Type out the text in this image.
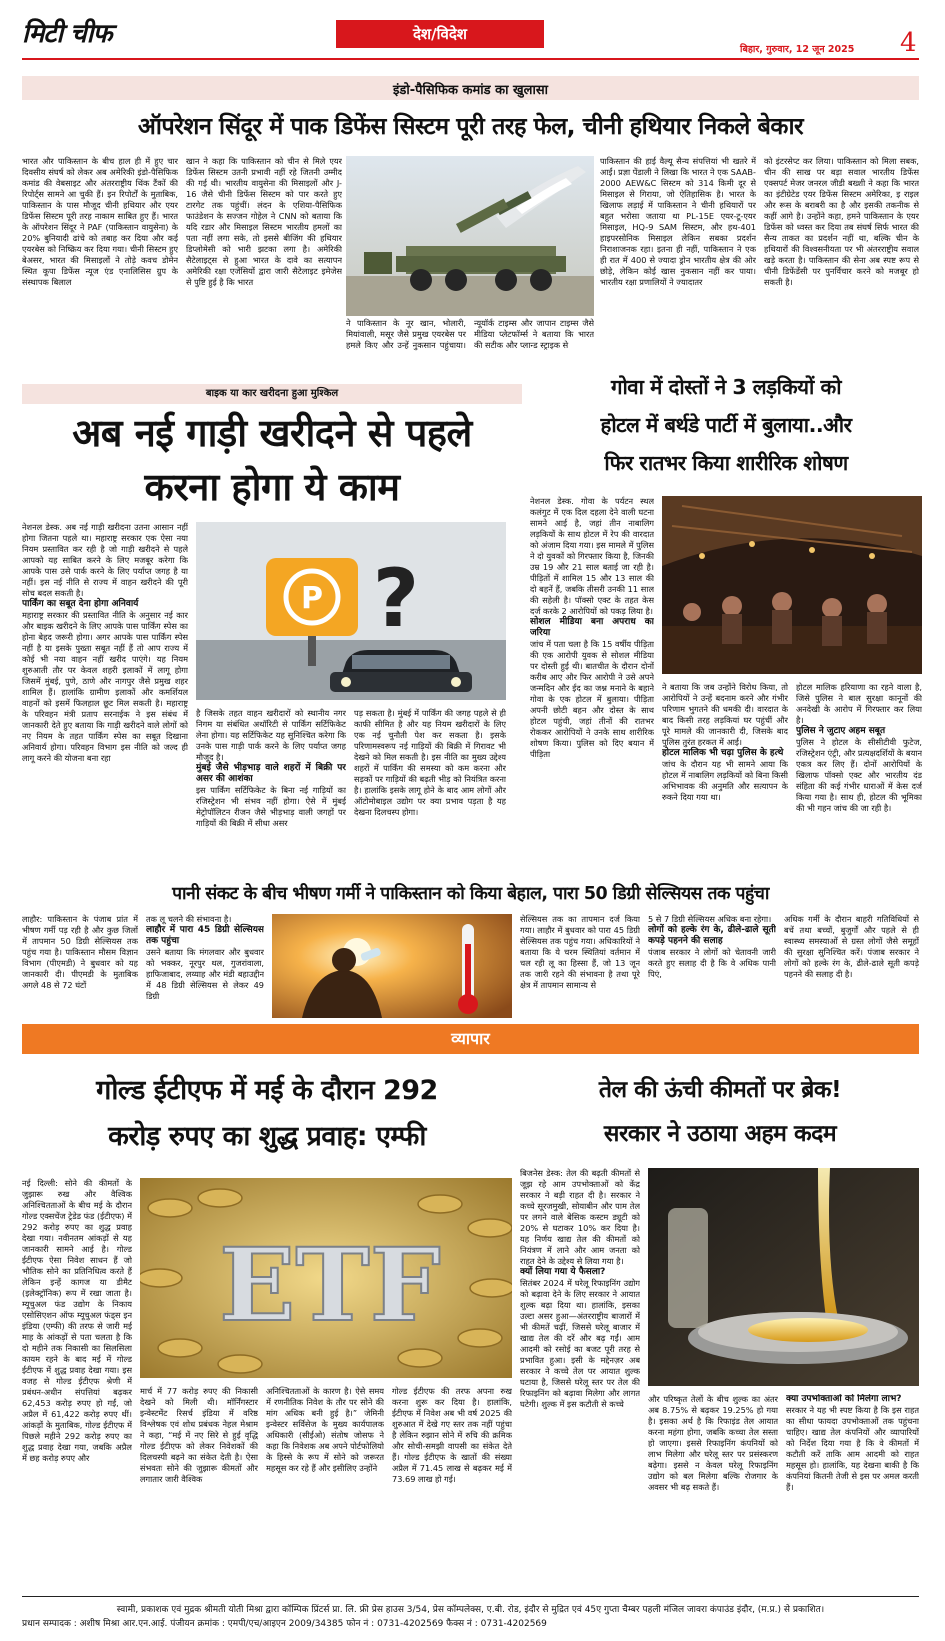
मिटी चीफ	देश/विदेश
बिहार, गुरुवार, 12 जून 2025 4
इंडो-पैसिफिक कमांड का खुलासा
ऑपरेशन सिंदूर में पाक डिफेंस सिस्टम पूरी तरह फेल, चीनी हथियार निकले बेकार
भारत और पाकिस्तान के बीच हाल ही में हुए चार दिवसीय संघर्ष को लेकर अब अमेरिकी इंडो-पैसिफिक कमांड की वेबसाइट और अंतरराष्ट्रीय थिंक टैंकों की रिपोर्ट्स सामने आ चुकी हैं। इन रिपोर्टों के मुताबिक, पाकिस्तान के पास मौजूद चीनी हथियार और एयर डिफेंस सिस्टम पूरी तरह नाकाम साबित हुए हैं। भारत के ऑपरेशन सिंदूर ने PAF (पाकिस्तान वायुसेना) के 20% बुनियादी ढांचे को तबाह कर दिया और कई एयरबेस को निष्क्रिय कर दिया गया। चीनी सिस्टम हुए बेअसर, भारत की मिसाइलों ने तोड़े कवच डोमेन स्थित कूपा डिफेंस न्यूज एंड एनालिसिस ग्रुप के संस्थापक बिलाल
खान ने कहा कि पाकिस्तान को चीन से मिले एयर डिफेंस सिस्टम उतनी प्रभावी नहीं रहे जितनी उम्मीद की गई थी। भारतीय वायुसेना की मिसाइलों और J-16 जैसे चीनी डिफेंस सिस्टम को पार करते हुए टारगेट तक पहुंचीं। लंदन के एशिया-पैसिफिक फाउंडेशन के सज्जन गोहेल ने CNN को बताया कि यदि रडार और मिसाइल सिस्टम भारतीय हमलों का पता नहीं लगा सके, तो इससे बीजिंग की हथियार डिप्लोमेसी को भारी झटका लगा है। अमेरिकी सैटेलाइट्स से हुआ भारत के दावे का सत्यापन अमेरिकी रक्षा एजेंसियों द्वारा जारी सैटेलाइट इमेजेस से पुष्टि हुई है कि भारत
ने पाकिस्तान के नूर खान, भोलारी, मियांवाली, मसूर जैसे प्रमुख एयरबेस पर हमले किए और उन्हें नुकसान पहुंचाया। न्यूयॉर्क टाइम्स और जापान टाइम्स जैसे मीडिया प्लेटफॉर्म्स ने बताया कि भारत की सटीक और प्लान्ड स्ट्राइक से
पाकिस्तान की हाई वैल्यू सैन्य संपत्तियां भी खतरे में आईं। प्रज्ञा पेंडाली ने लिखा कि भारत ने एक SAAB-2000 AEW&C सिस्टम को 314 किमी दूर से मिसाइल से गिराया, जो ऐतिहासिक है। भारत के खिलाफ लड़ाई में पाकिस्तान ने चीनी हथियारों पर बहुत भरोसा जताया था PL-15E एयर-टू-एयर मिसाइल, HQ-9 SAM सिस्टम, और हथ-401 हाइपरसोनिक मिसाइल लेकिन सबका प्रदर्शन निराशाजनक रहा। इतना ही नहीं, पाकिस्तान ने एक ही रात में 400 से ज्यादा ड्रोन भारतीय क्षेत्र की ओर छोड़े, लेकिन कोई खास नुकसान नहीं कर पाया। भारतीय रक्षा प्रणालियों ने ज्यादातर
को इंटरसेप्ट कर लिया। पाकिस्तान को मिला सबक, चीन की साख पर बड़ा सवाल भारतीय डिफेंस एक्सपर्ट मेजर जनरल जीडी बख्शी ने कहा कि भारत का इंटीग्रेटेड एयर डिफेंस सिस्टम अमेरिका, इ राइल और रूस के बराबरी का है और इसकी तकनीक से कहीं आगे है। उन्होंने कहा, हमने पाकिस्तान के एयर डिफेंस को ध्वस्त कर दिया तब संघर्ष सिर्फ भारत की सैन्य ताकत का प्रदर्शन नहीं था, बल्कि चीन के हथियारों की विश्वसनीयता पर भी अंतरराष्ट्रीय सवाल खड़े करता है। पाकिस्तान की सेना अब स्पष्ट रूप से चीनी डिफेंडेंसी पर पुनर्विचार करने को मजबूर हो सकती है।
बाइक या कार खरीदना हुआ मुश्किल
अब नई गाड़ी खरीदने से पहले
करना होगा ये काम

नेशनल डेस्क. अब नई गाड़ी खरीदना उतना आसान नहीं होगा जितना पहले था। महाराष्ट्र सरकार एक ऐसा नया नियम प्रस्तावित कर रही है जो गाड़ी खरीदने से पहले आपको यह साबित करने के लिए मजबूर करेगा कि आपके पास उसे पार्क करने के लिए पर्याप्त जगह है या नहीं। इस नई नीति से राज्य में वाहन खरीदने की पूरी सोच बदल सकती है।

पार्किंग का सबूत देना होगा अनिवार्य

महाराष्ट्र सरकार की प्रस्तावित नीति के अनुसार नई कार और बाइक खरीदने के लिए आपके पास पार्किंग स्पेस का होना बेहद जरूरी होगा। अगर आपके पास पार्किंग स्पेस नहीं है या इसके पुख्ता सबूत नहीं हैं तो आप राज्य में कोई भी नया वाहन नहीं खरीद पाएंगे। यह नियम शुरुआती तौर पर केवल शहरी इलाकों में लागू होगा जिसमें मुंबई, पुणे, ठाणे और नागपुर जैसे प्रमुख शहर शामिल हैं। हालांकि ग्रामीण इलाकों और कमर्शियल वाहनों को इसमें फिलहाल छूट मिल सकती है। महाराष्ट्र के परिवहन मंत्री प्रताप सरनाईक ने इस संबंध में जानकारी देते हुए बताया कि गाड़ी खरीदने वाले लोगों को नए नियम के तहत पार्किंग स्पेस का सबूत दिखाना अनिवार्य होगा। परिवहन विभाग इस नीति को जल्द ही लागू करने की योजना बना रहा

P ?

है जिसके तहत वाहन खरीदारों को स्थानीय नगर निगम या संबंधित अथॉरिटी से पार्किंग सर्टिफिकेट लेना होगा। यह सर्टिफिकेट यह सुनिश्चित करेगा कि उनके पास गाड़ी पार्क करने के लिए पर्याप्त जगह मौजूद है।

मुंबई जैसे भीड़भाड़ वाले शहरों में बिक्री पर असर की आशंका

इस पार्किंग सर्टिफिकेट के बिना नई गाड़ियों का रजिस्ट्रेशन भी संभव नहीं होगा। ऐसे में मुंबई मेट्रोपॉलिटन रीजन जैसे भीड़भाड़ वाली जगहों पर गाड़ियों की बिक्री में सीधा असर

पड़ सकता है। मुंबई में पार्किंग की जगह पहले से ही काफी सीमित है और यह नियम खरीदारों के लिए एक नई चुनौती पेश कर सकता है। इसके परिणामस्वरूप नई गाड़ियों की बिक्री में गिरावट भी देखने को मिल सकती है। इस नीति का मुख्य उद्देश्य शहरों में पार्किंग की समस्या को कम करना और सड़कों पर गाड़ियों की बढ़ती भीड़ को नियंत्रित करना है। हालांकि इसके लागू होने के बाद आम लोगों और ऑटोमोबाइल उद्योग पर क्या प्रभाव पड़ता है यह देखना दिलचस्प होगा।
गोवा में दोस्तों ने 3 लड़कियों को
होटल में बर्थडे पार्टी में बुलाया..और
फिर रातभर किया शारीरिक शोषण

नेशनल डेस्क. गोवा के पर्यटन स्थल कलंगुट में एक दिल दहला देने वाली घटना सामने आई है, जहां तीन नाबालिग लड़कियों के साथ होटल में रेप की वारदात को अंजाम दिया गया। इस मामले में पुलिस ने दो युवकों को गिरफ्तार किया है, जिनकी उम्र 19 और 21 साल बताई जा रही है। पीड़ितों में शामिल 15 और 13 साल की दो बहनें हैं, जबकि तीसरी उनकी 11 साल की सहेली है। पॉक्सो एक्ट के तहत केस दर्ज करके 2 आरोपियों को पकड़ लिया है।

सोशल मीडिया बना अपराध का जरिया

जांच में पता चला है कि 15 वर्षीय पीड़िता की एक आरोपी युवक से सोशल मीडिया पर दोस्ती हुई थी। बातचीत के दौरान दोनों करीब आए और फिर आरोपी ने उसे अपने जन्मदिन और ईद का जश्न मनाने के बहाने गोवा के एक होटल में बुलाया। पीड़िता अपनी छोटी बहन और दोस्त के साथ होटल पहुंची, जहां तीनों की रातभर रोककर आरोपियों ने उनके साथ शारीरिक शोषण किया। पुलिस को दिए बयान में पीड़िता

ने बताया कि जब उन्होंने विरोध किया, तो आरोपियों ने उन्हें बदनाम करने और गंभीर परिणाम भुगतने की धमकी दी। वारदात के बाद किसी तरह लड़कियां घर पहुंचीं और पूरे मामले की जानकारी दी, जिसके बाद पुलिस तुरंत हरकत में आई।

होटल मालिक भी चढ़ा पुलिस के हत्थे

जांच के दौरान यह भी सामने आया कि होटल में नाबालिग लड़कियों को बिना किसी अभिभावक की अनुमति और सत्यापन के रुकने दिया गया था।

होटल मालिक हरियाणा का रहने वाला है, जिसे पुलिस ने बाल सुरक्षा कानूनों की अनदेखी के आरोप में गिरफ्तार कर लिया है।

पुलिस ने जुटाए अहम सबूत

पुलिस ने होटल के सीसीटीवी फुटेज, रजिस्ट्रेशन एंट्री, और प्रत्यक्षदर्शियों के बयान एकत्र कर लिए हैं। दोनों आरोपियों के खिलाफ पॉक्सो एक्ट और भारतीय दंड संहिता की कई गंभीर धाराओं में केस दर्ज किया गया है। साथ ही, होटल की भूमिका की भी गहन जांच की जा रही है।

पानी संकट के बीच भीषण गर्मी ने पाकिस्तान को किया बेहाल, पारा 50 डिग्री सेल्सियस तक पहुंचा
लाहौर: पाकिस्तान के पंजाब प्रांत में भीषण गर्मी पड़ रही है और कुछ जिलों में तापमान 50 डिग्री सेल्सियस तक पहुंच गया है। पाकिस्तान मौसम विज्ञान विभाग (पीएमडी) ने बुधवार को यह जानकारी दी। पीएमडी के मुताबिक अगले 48 से 72 घंटों

तक लू चलने की संभावना है।

लाहौर में पारा 45 डिग्री सेल्सियस तक पहुंचा

उसने बताया कि मंगलवार और बुधवार को भक्कर, नूरपुर थल, गुजरांवाला, हाफिजाबाद, लय्याह और मंडी बहाउद्दीन में 48 डिग्री सेल्सियस से लेकर 49 डिग्री

सेल्सियस तक का तापमान दर्ज किया गया। लाहौर में बुधवार को पारा 45 डिग्री सेल्सियस तक पहुंच गया। अधिकारियों ने बताया कि ये चरम स्थितियां वर्तमान में चल रही लू का हिस्सा हैं, जो 13 जून तक जारी रहने की संभावना है तथा पूरे क्षेत्र में तापमान सामान्य से

5 से 7 डिग्री सेल्सियस अधिक बना रहेगा।

लोगों को हल्के रंग के, ढीले-ढाले सूती कपड़े पहनने की सलाह

पंजाब सरकार ने लोगों को चेतावनी जारी करते हुए सलाह दी है कि वे अधिक पानी पिएं,

अधिक गर्मी के दौरान बाहरी गतिविधियों से बचें तथा बच्चों, बुजुर्गों और पहले से ही स्वास्थ्य समस्याओं से ग्रस्त लोगों जैसे समूहों की सुरक्षा सुनिश्चित करें। पंजाब सरकार ने लोगों को हल्के रंग के, ढीले-ढाले सूती कपड़े पहनने की सलाह दी है।
व्यापार
गोल्ड ईटीएफ में मई के दौरान 292
करोड़ रुपए का शुद्ध प्रवाह: एम्फी
नई दिल्ली: सोने की कीमतों के जुझारू रुख और वैश्विक अनिश्चितताओं के बीच मई के दौरान गोल्ड एक्सचेंज ट्रेडेड फंड (ईटीएफ) में 292 करोड़ रुपए का शुद्ध प्रवाह देखा गया। नवीनतम आंकड़ों से यह जानकारी सामने आई है। गोल्ड ईटीएफ ऐसा निवेश साधन हैं जो भौतिक सोने का प्रतिनिधित्व करते हैं लेकिन इन्हें कागज या डीमैट (इलेक्ट्रॉनिक) रूप में रखा जाता है। म्यूचुअल फंड उद्योग के निकाय एसोसिएशन ऑफ म्यूचुअल फंड्स इन इंडिया (एम्फी) की तरफ से जारी मई माह के आंकड़ों से पता चलता है कि दो महीने तक निकासी का सिलसिला कायम रहने के बाद मई में गोल्ड ईटीएफ में शुद्ध प्रवाह देखा गया। इस वजह से गोल्ड ईटीएफ श्रेणी में प्रबंधन-अधीन संपत्तियां बढ़कर 62,453 करोड़ रुपए हो गईं, जो अप्रैल में 61,422 करोड़ रुपए थीं। आंकड़ों के मुताबिक, गोल्ड ईटीएफ में पिछले महीने 292 करोड़ रुपए का शुद्ध प्रवाह देखा गया, जबकि अप्रैल में छह करोड़ रुपए और
ETF
मार्च में 77 करोड़ रुपए की निकासी देखने को मिली थी। मॉर्निंगस्टार इन्वेस्टमेंट रिसर्च इंडिया में वरिष्ठ विश्लेषक एवं शोध प्रबंधक नेहल मेश्राम ने कहा, “मई में नए सिरे से हुई वृद्धि गोल्ड ईटीएफ को लेकर निवेशकों की दिलचस्पी बढ़ने का संकेत देती है। ऐसा संभवतः सोने की जुझारू कीमतों और लगातार जारी वैश्विक
अनिश्चितताओं के कारण है। ऐसे समय में रणनीतिक निवेश के तौर पर सोने की मांग अधिक बनी हुई है।” जेमिनी इन्वेस्टर सर्विसेज के मुख्य कार्यपालक अधिकारी (सीईओ) संतोष जोसफ ने कहा कि निवेशक अब अपने पोर्टफोलियो के हिस्से के रूप में सोने को जरूरत महसूस कर रहे हैं और इसीलिए उन्होंने
गोल्ड ईटीएफ की तरफ अपना रुख करना शुरू कर दिया है। हालांकि, ईटीएफ में निवेश अब भी वर्ष 2025 की शुरुआत में देखे गए स्तर तक नहीं पहुंचा है लेकिन रुझान सोने में रुचि की क्रमिक और सोची-समझी वापसी का संकेत देते हैं। गोल्ड ईटीएफ के खातों की संख्या अप्रैल में 71.45 लाख से बढ़कर मई में 73.69 लाख हो गई।
तेल की ऊंची कीमतों पर ब्रेक!
सरकार ने उठाया अहम कदम

बिजनेस डेस्क: तेल की बढ़ती कीमतों से जूझ रहे आम उपभोक्ताओं को केंद्र सरकार ने बड़ी राहत दी है। सरकार ने कच्चे सूरजमुखी, सोयाबीन और पाम तेल पर लगने वाले बेसिक कस्टम ड्यूटी को 20% से घटाकर 10% कर दिया है। यह निर्णय खाद्य तेल की कीमतों को नियंत्रण में लाने और आम जनता को राहत देने के उद्देश्य से लिया गया है।

क्यों लिया गया ये फैसला?

सितंबर 2024 में घरेलू रिफाइनिंग उद्योग को बढ़ावा देने के लिए सरकार ने आयात शुल्क बढ़ा दिया था। हालांकि, इसका उल्टा असर हुआ—अंतरराष्ट्रीय बाजारों में भी कीमतें चढ़ीं, जिससे घरेलू बाजार में खाद्य तेल की दरें और बढ़ गईं। आम आदमी को रसोई का बजट पूरी तरह से प्रभावित हुआ। इसी के मद्देनज़र अब सरकार ने कच्चे तेल पर आयात शुल्क घटाया है, जिससे घरेलू स्तर पर तेल की रिफाइनिंग को बढ़ावा मिलेगा और लागत घटेगी। शुल्क में इस कटौती से कच्चे	और परिष्कृत तेलों के बीच शुल्क का अंतर अब 8.75% से बढ़कर 19.25% हो गया है। इसका अर्थ है कि रिफाइंड तेल आयात करना महंगा होगा, जबकि कच्चा तेल सस्ता हो जाएगा। इससे रिफाइनिंग कंपनियों को लाभ मिलेगा और घरेलू स्तर पर प्रसंस्करण बढ़ेगा। इससे न केवल घरेलू रिफाइनिंग उद्योग को बल मिलेगा बल्कि रोजगार के अवसर भी बढ़ सकते हैं।

क्या उपभोक्ताओं को मिलेगा लाभ?

सरकार ने यह भी स्पष्ट किया है कि इस राहत का सीधा फायदा उपभोक्ताओं तक पहुंचना चाहिए। खाद्य तेल कंपनियों और व्यापारियों को निर्देश दिया गया है कि वे कीमतों में कटौती करें ताकि आम आदमी को राहत महसूस हो। हालांकि, यह देखना बाकी है कि कंपनियां कितनी तेजी से इस पर अमल करती हैं।

स्वामी, प्रकाशक एवं मुद्रक श्रीमती योती मिश्रा द्वारा कॉम्पिक प्रिंटर्स प्रा. लि. फ्री प्रेस हाउस 3/54, प्रेस कॉम्पलेक्स, ए.बी. रोड, इंदौर से मुद्रित एवं 45ए गुप्ता चैम्बर पहली मंजिल जावरा कंपाउंड इंदौर, (म.प्र.) से प्रकाशित।
प्रधान सम्पादक : अशीष मिश्रा आर.एन.आई. पंजीयन क्रमांक : एमपी/एच/आइएन 2009/34385 फोन नं : 0731-4202569 फैक्स नं : 0731-4202569
